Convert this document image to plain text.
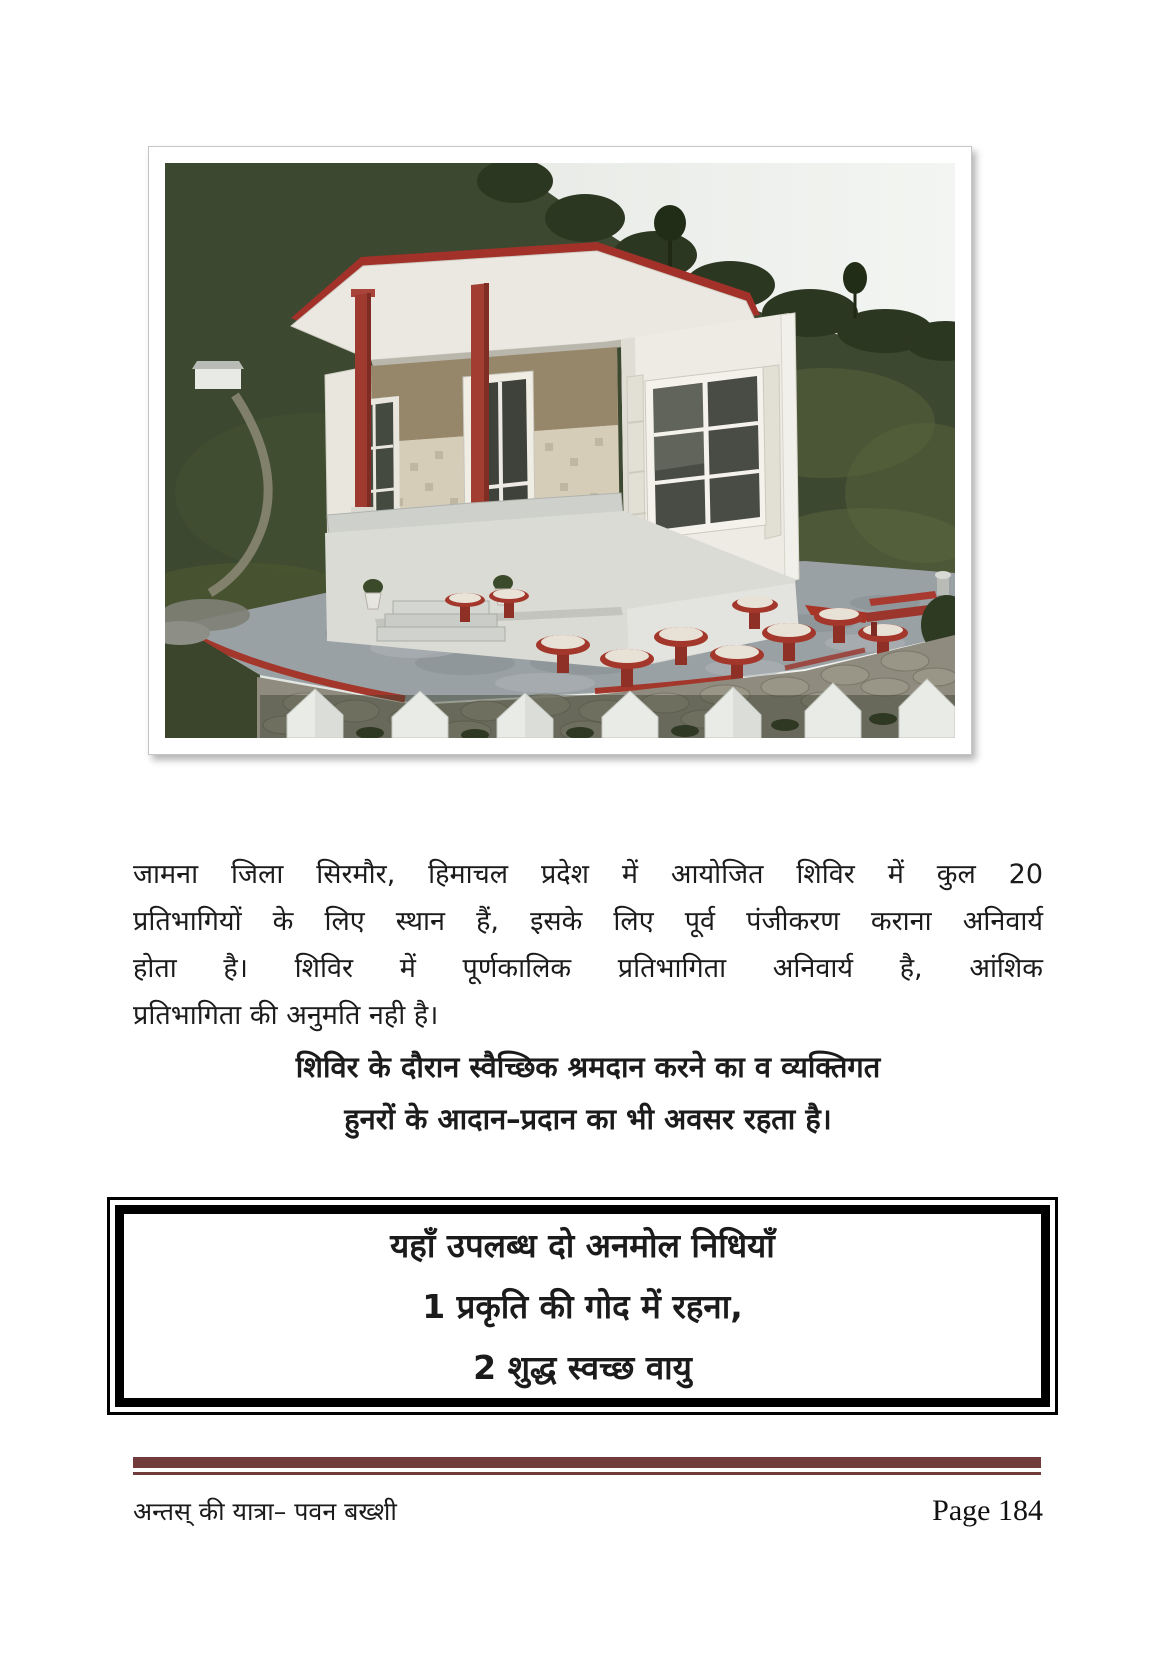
जामना जिला सिरमौर, हिमाचल प्रदेश में आयोजित शिविर में कुल 20
प्रतिभागियों के लिए स्थान हैं, इसके लिए पूर्व पंजीकरण कराना अनिवार्य
होता है। शिविर में पूर्णकालिक प्रतिभागिता अनिवार्य है, आंशिक
प्रतिभागिता की अनुमति नही है।
शिविर के दौरान स्वैच्छिक श्रमदान करने का व व्यक्तिगत
हुनरों के आदान–प्रदान का भी अवसर रहता है।
यहाँ उपलब्ध दो अनमोल निधियाँ
1 प्रकृति की गोद में रहना,
2 शुद्ध स्वच्छ वायु
अन्तस् की यात्रा– पवन बख्शी	Page 184
